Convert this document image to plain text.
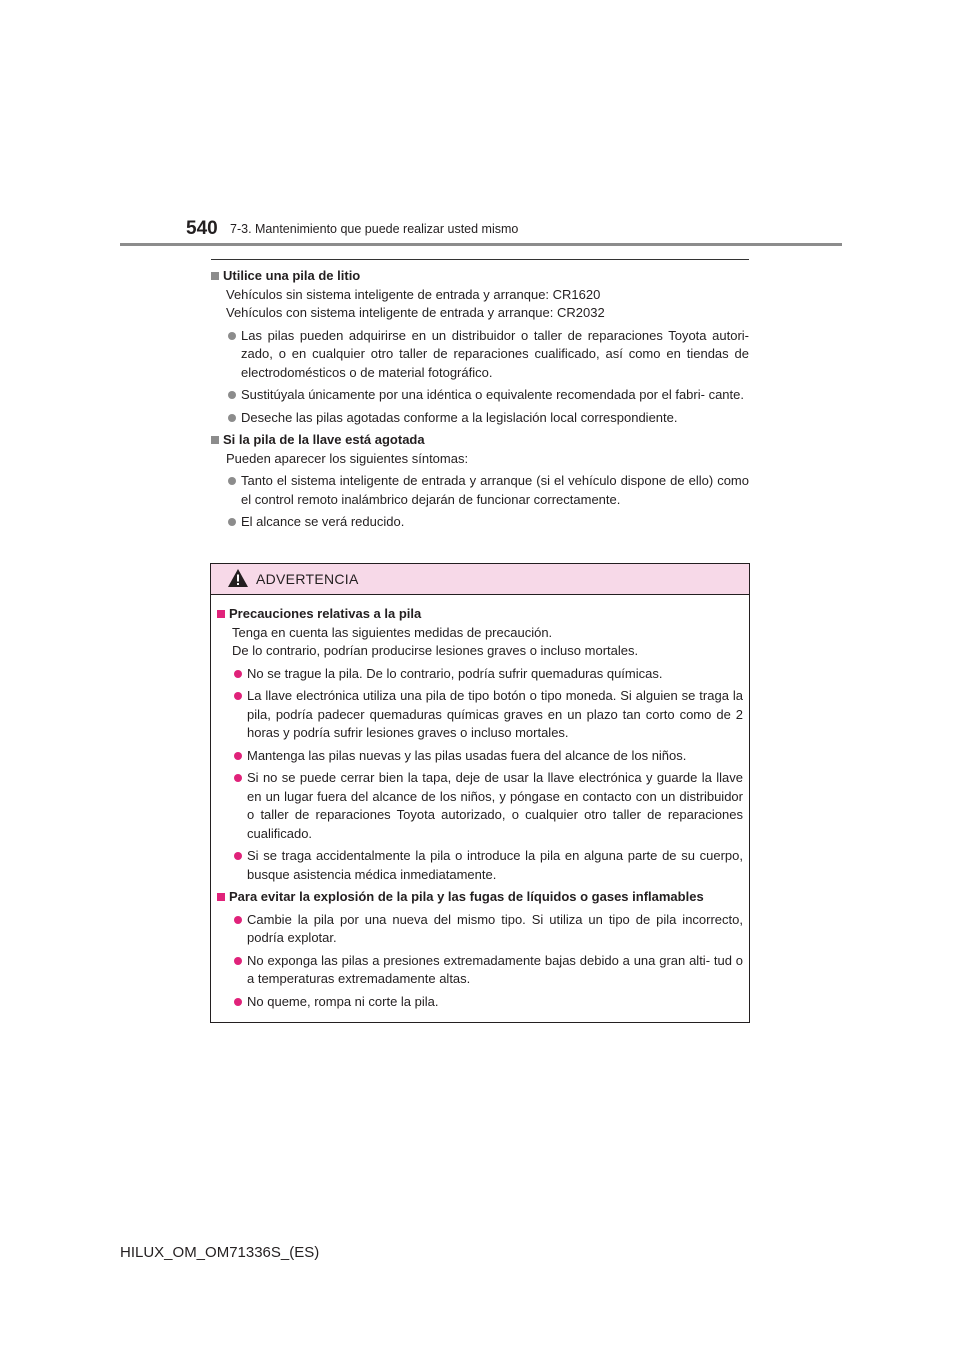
540 7-3. Mantenimiento que puede realizar usted mismo
Utilice una pila de litio
Vehículos sin sistema inteligente de entrada y arranque: CR1620
Vehículos con sistema inteligente de entrada y arranque: CR2032
Las pilas pueden adquirirse en un distribuidor o taller de reparaciones Toyota autori- zado, o en cualquier otro taller de reparaciones cualificado, así como en tiendas de electrodomésticos o de material fotográfico.
Sustitúyala únicamente por una idéntica o equivalente recomendada por el fabri- cante.
Deseche las pilas agotadas conforme a la legislación local correspondiente.
Si la pila de la llave está agotada
Pueden aparecer los siguientes síntomas:
Tanto el sistema inteligente de entrada y arranque (si el vehículo dispone de ello) como el control remoto inalámbrico dejarán de funcionar correctamente.
El alcance se verá reducido.
ADVERTENCIA
Precauciones relativas a la pila
Tenga en cuenta las siguientes medidas de precaución.
De lo contrario, podrían producirse lesiones graves o incluso mortales.
No se trague la pila. De lo contrario, podría sufrir quemaduras químicas.
La llave electrónica utiliza una pila de tipo botón o tipo moneda. Si alguien se traga la pila, podría padecer quemaduras químicas graves en un plazo tan corto como de 2 horas y podría sufrir lesiones graves o incluso mortales.
Mantenga las pilas nuevas y las pilas usadas fuera del alcance de los niños.
Si no se puede cerrar bien la tapa, deje de usar la llave electrónica y guarde la llave en un lugar fuera del alcance de los niños, y póngase en contacto con un distribuidor o taller de reparaciones Toyota autorizado, o cualquier otro taller de reparaciones cualificado.
Si se traga accidentalmente la pila o introduce la pila en alguna parte de su cuerpo, busque asistencia médica inmediatamente.
Para evitar la explosión de la pila y las fugas de líquidos o gases inflamables
Cambie la pila por una nueva del mismo tipo. Si utiliza un tipo de pila incorrecto, podría explotar.
No exponga las pilas a presiones extremadamente bajas debido a una gran alti- tud o a temperaturas extremadamente altas.
No queme, rompa ni corte la pila.
HILUX_OM_OM71336S_(ES)
